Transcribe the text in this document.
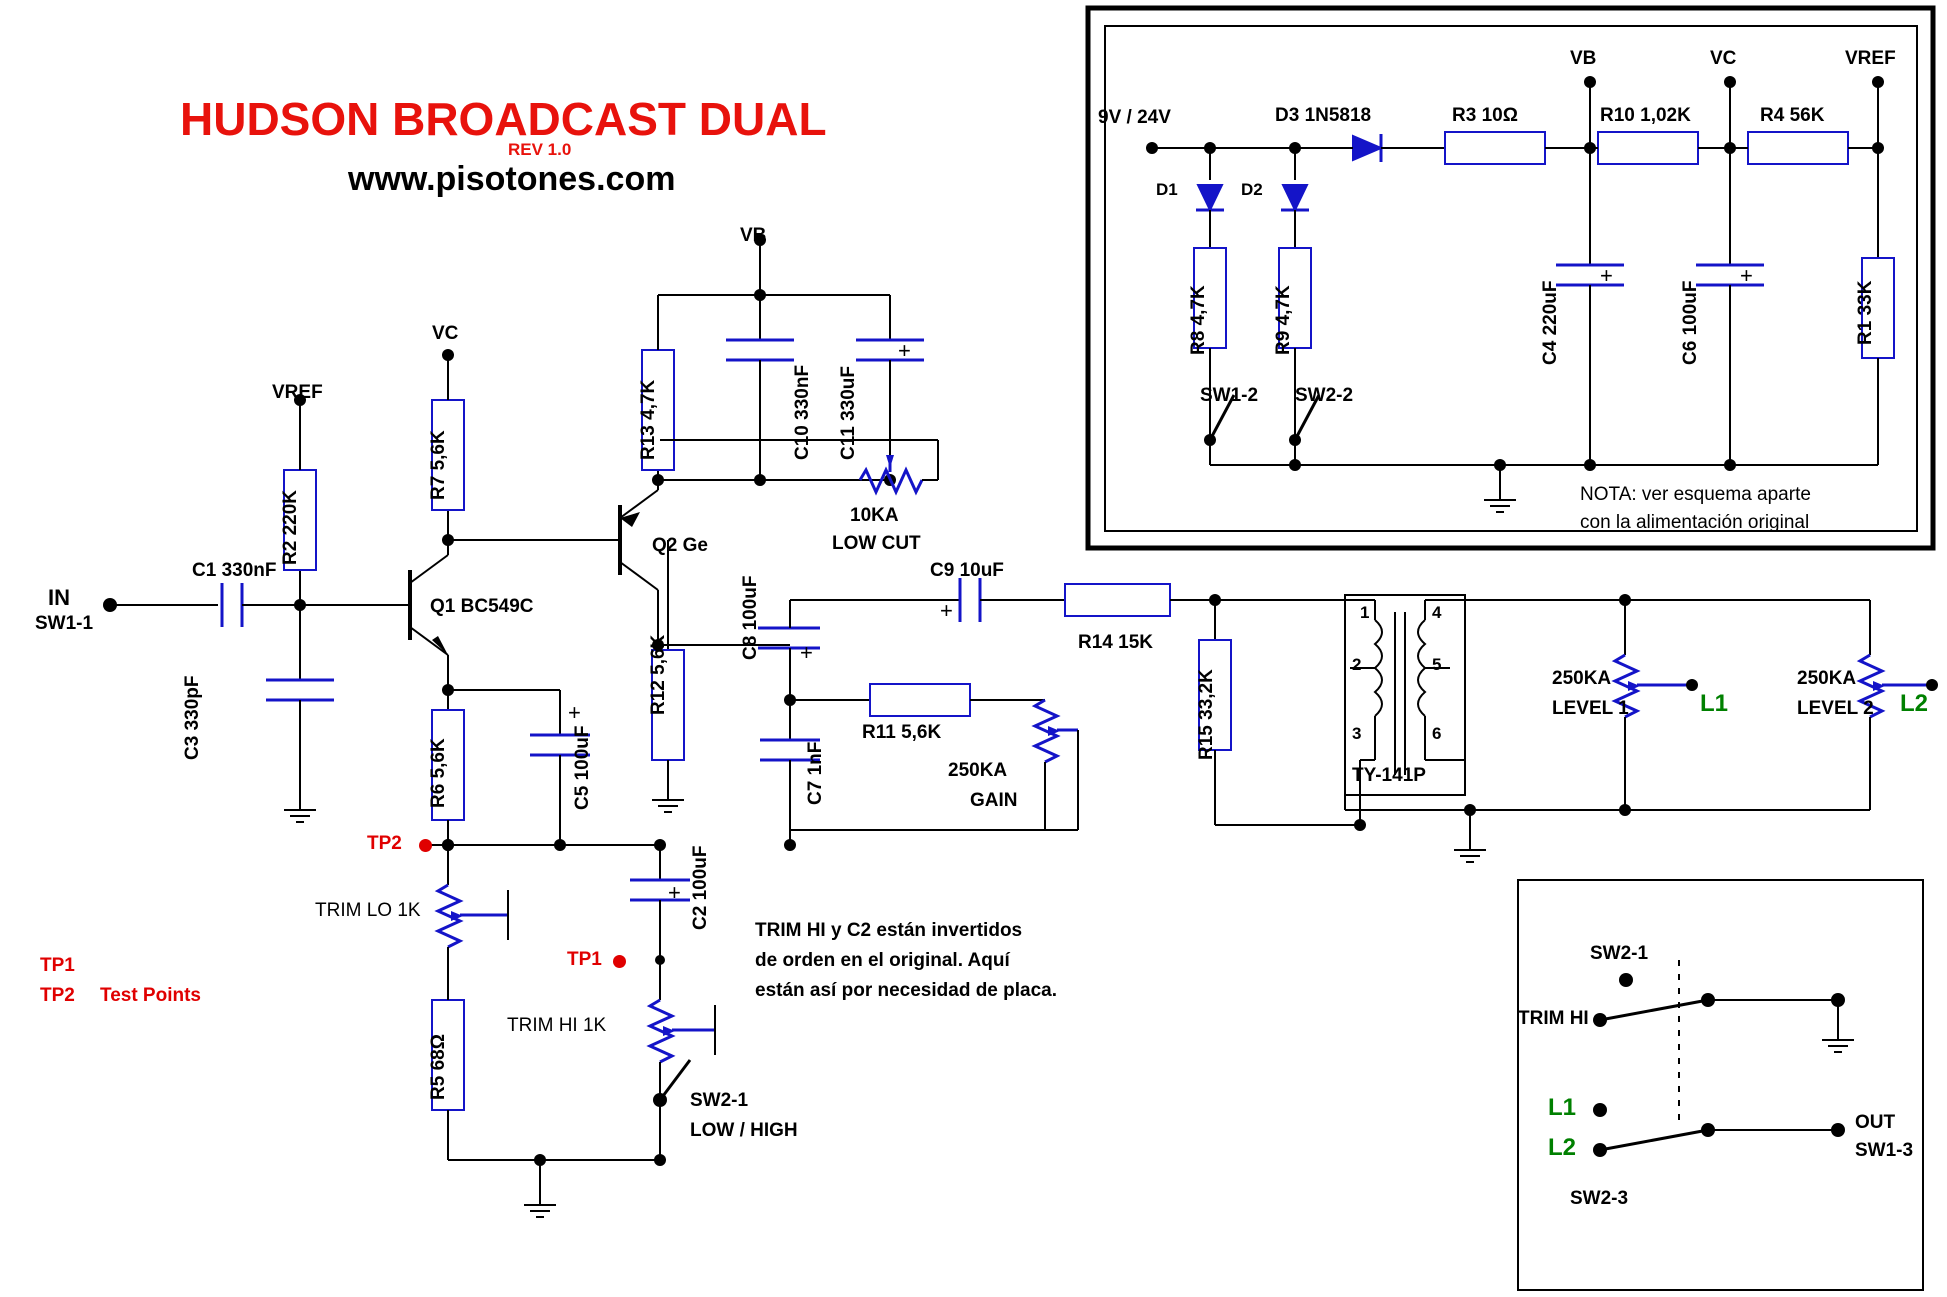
HUDSON BROADCAST DUAL
REV 1.0
www.pisotones.com
9V / 24V
D1	D2
D3 1N5818	R3 10Ω	R10 1,02K	R4 56K
R8 4,7K	R9 4,7K	C4 220uF	C6 100uF	R1 33K
VB	VC	VREF
SW1-2 SW2-2
+	+
NOTA: ver esquema aparte
con la alimentación original
IN
SW1-1
VREF
VC
VB
C1 330nF
C3 330pF
R2 220K
R7 5,6K
Q1 BC549C
Q2 Ge
R13 4,7K	C10 330nF C11 330uF
+
10KA
LOW CUT
R12 5,6K
C8 100uF +
C7 1nF
R11 5,6K
250KA
GAIN
C9 10uF
+
R14 15K
R15 33,2K
TY-141P
1
2
3
4
5
6
250KA
LEVEL 1	L1
250KA
LEVEL 2 L2
R6 5,6K	C5 100uF
+
TP2
TP1
TRIM LO 1K
TRIM HI 1K
C2 100uF
+
R5 68Ω
SW2-1
LOW / HIGH
TP1
TP2 Test Points
TRIM HI y C2 están invertidos
de orden en el original. Aquí
están así por necesidad de placa.
SW2-1
TRIM HI
L1
L2
SW2-3
OUT
SW1-3
